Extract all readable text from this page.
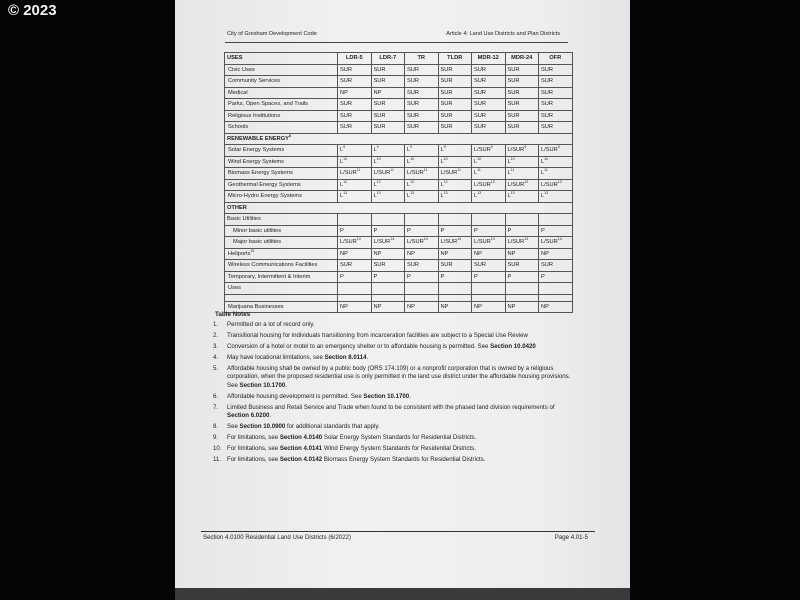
© 2023
City of Gresham Development Code	Article 4: Land Use Districts and Plan Districts
USES	LDR-5	LDR-7	TR	TLDR	MDR-12	MDR-24	OFR
Civic Uses	SUR	SUR	SUR	SUR	SUR	SUR	SUR
Community Services	SUR	SUR	SUR	SUR	SUR	SUR	SUR
Medical	NP	NP	SUR	SUR	SUR	SUR	SUR
Parks, Open Spaces, and Trails	SUR	SUR	SUR	SUR	SUR	SUR	SUR
Religious Institutions	SUR	SUR	SUR	SUR	SUR	SUR	SUR
Schools	SUR	SUR	SUR	SUR	SUR	SUR	SUR
RENEWABLE ENERGY$^8$
Solar Energy Systems	$L^9$	$L^9$	$L^9$	$L^9$	L/SUR$^9$	L/SUR$^9$	L/SUR$^9$
Wind Energy Systems	$L^{10}$	$L^{10}$	$L^{10}$	$L^{10}$	$L^{10}$	$L^{10}$	$L^{10}$
Biomass Energy Systems	L/SUR$^{11}$	L/SUR$^{11}$	L/SUR$^{11}$	L/SUR$^{11}$	$L^{11}$	$L^{11}$	$L^{11}$
Geothermal Energy Systems	$L^{12}$	$L^{12}$	$L^{12}$	$L^{12}$	L/SUR$^{12}$	L/SUR$^{12}$	L/SUR$^{12}$
Micro-Hydro Energy Systems	$L^{13}$	$L^{13}$	$L^{13}$	$L^{13}$	$L^{13}$	$L^{13}$	$L^{13}$
OTHER							
Basic Utilities							
Minor basic utilities	P	P	P	P	P	P	P
Major basic utilities	L/SUR$^{14}$	L/SUR$^{14}$	L/SUR$^{14}$	L/SUR$^{14}$	L/SUR$^{14}$	L/SUR$^{14}$	L/SUR$^{14}$
Heliports$^{15}$	NP	NP	NP	NP	NP	NP	NP
Wireless Communications Facilities	SUR	SUR	SUR	SUR	SUR	SUR	SUR
Temporary, Intermittent & Interim	P	P	P	P	P	P	P
Uses							

Marijuana Businesses	NP	NP	NP	NP	NP	NP	NP
Table Notes
1. Permitted on a lot of record only.
2. Transitional housing for individuals transitioning from incarceration facilities are subject to a Special Use Review
3. Conversion of a hotel or motel to an emergency shelter or to affordable housing is permitted. See Section 10.0420
4. May have locational limitations, see Section 8.0114.
5. Affordable housing shall be owned by a public body (ORS 174.109) or a nonprofit corporation that is owned by a religious corporation, when the proposed residential use is only permitted in the land use district under the affordable housing provisions. See Section 10.1700.
6. Affordable housing development is permitted. See Section 10.1700.
7. Limited Business and Retail Service and Trade when found to be consistent with the phased land division requirements of Section 6.0200.
8. See Section 10.0900 for additional standards that apply.
9. For limitations, see Section 4.0140 Solar Energy System Standards for Residential Districts.
10. For limitations, see Section 4.0141 Wind Energy System Standards for Residential Districts.
11. For limitations, see Section 4.0142 Biomass Energy System Standards for Residential Districts.
Section 4.0100 Residential Land Use Districts (6/2022)	Page 4.01-5
